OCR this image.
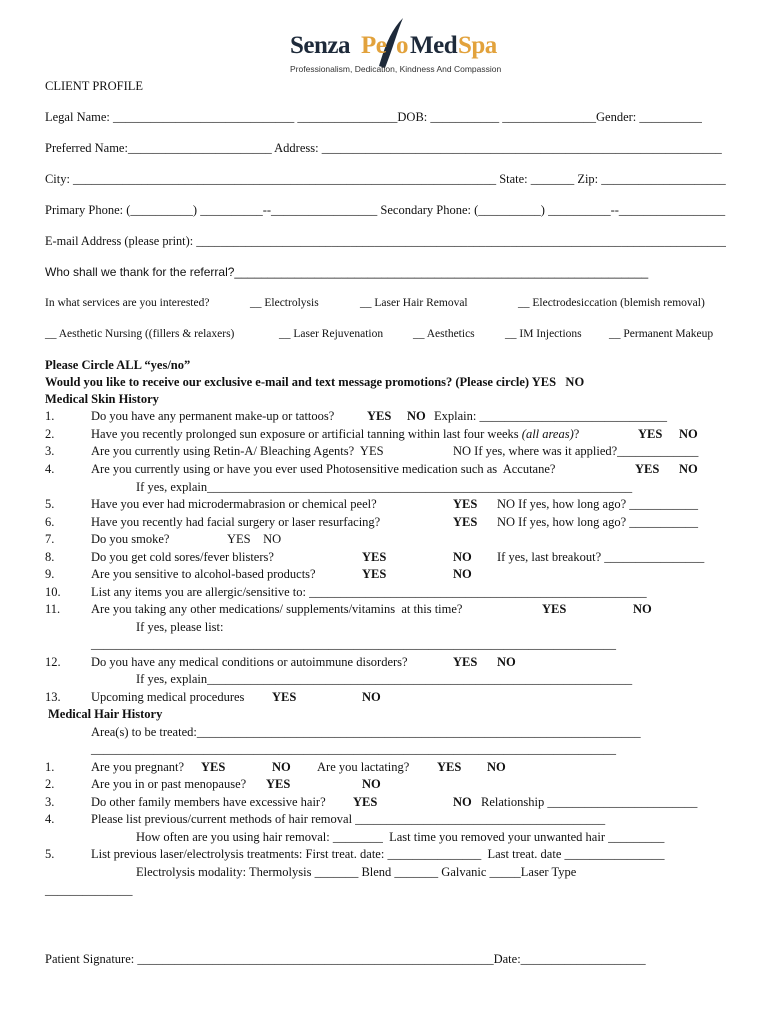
Senza Pe o Med Spa
Professionalism, Dedication, Kindness And Compassion
CLIENT PROFILE
Legal Name: _____________________________ ________________DOB: ___________ _______________Gender: __________
Preferred Name:_______________________ Address: ________________________________________________________________
City: ____________________________________________________________________ State: _______ Zip: ____________________
Primary Phone: (__________) __________--_________________ Secondary Phone: (__________) __________--_________________
E-mail Address (please print): ______________________________________________________________________________________
Who shall we thank for the referral?______________________________________________________________
In what services are you interested?	__ Electrolysis	__ Laser Hair Removal	__ Electrodesiccation (blemish removal)
__ Aesthetic Nursing ((fillers & relaxers)	__ Laser Rejuvenation	__ Aesthetics	__ IM Injections __ Permanent Makeup
Please Circle ALL “yes/no”
Would you like to receive our exclusive e-mail and text message promotions? (Please circle) YES   NO
Medical Skin History
1.	Do you have any permanent make-up or tattoos?	YES NO Explain: ______________________________
2.	Have you recently prolonged sun exposure or artificial tanning within last four weeks (all areas)?	YES NO
3.	Are you currently using Retin-A/ Bleaching Agents?  YES	NO If yes, where was it applied?_____________
4.	Are you currently using or have you ever used Photosensitive medication such as  Accutane?	YES NO
If yes, explain____________________________________________________________________
5.	Have you ever had microdermabrasion or chemical peel?	YES NO If yes, how long ago? ___________
6.	Have you recently had facial surgery or laser resurfacing?	YES NO If yes, how long ago? ___________
7.	Do you smoke?	YES    NO
8.	Do you get cold sores/fever blisters?	YES	NO If yes, last breakout? ________________
9.	Are you sensitive to alcohol-based products?	YES	NO
10. List any items you are allergic/sensitive to: ______________________________________________________
11. Are you taking any other medications/ supplements/vitamins  at this time?	YES	NO
If yes, please list:
____________________________________________________________________________________
12. Do you have any medical conditions or autoimmune disorders?	YES NO
If yes, explain____________________________________________________________________
13. Upcoming medical procedures YES	NO
Medical Hair History
Area(s) to be treated:_______________________________________________________________________
____________________________________________________________________________________
1.	Are you pregnant? YES	NO Are you lactating? YES NO
2.	Are you in or past menopause? YES	NO
3.	Do other family members have excessive hair? YES	NO Relationship ________________________
4.	Please list previous/current methods of hair removal ________________________________________
How often are you using hair removal: ________  Last time you removed your unwanted hair _________
5.	List previous laser/electrolysis treatments: First treat. date: _______________  Last treat. date ________________
Electrolysis modality: Thermolysis _______ Blend _______ Galvanic _____Laser Type
______________
Patient Signature: _________________________________________________________Date:____________________
